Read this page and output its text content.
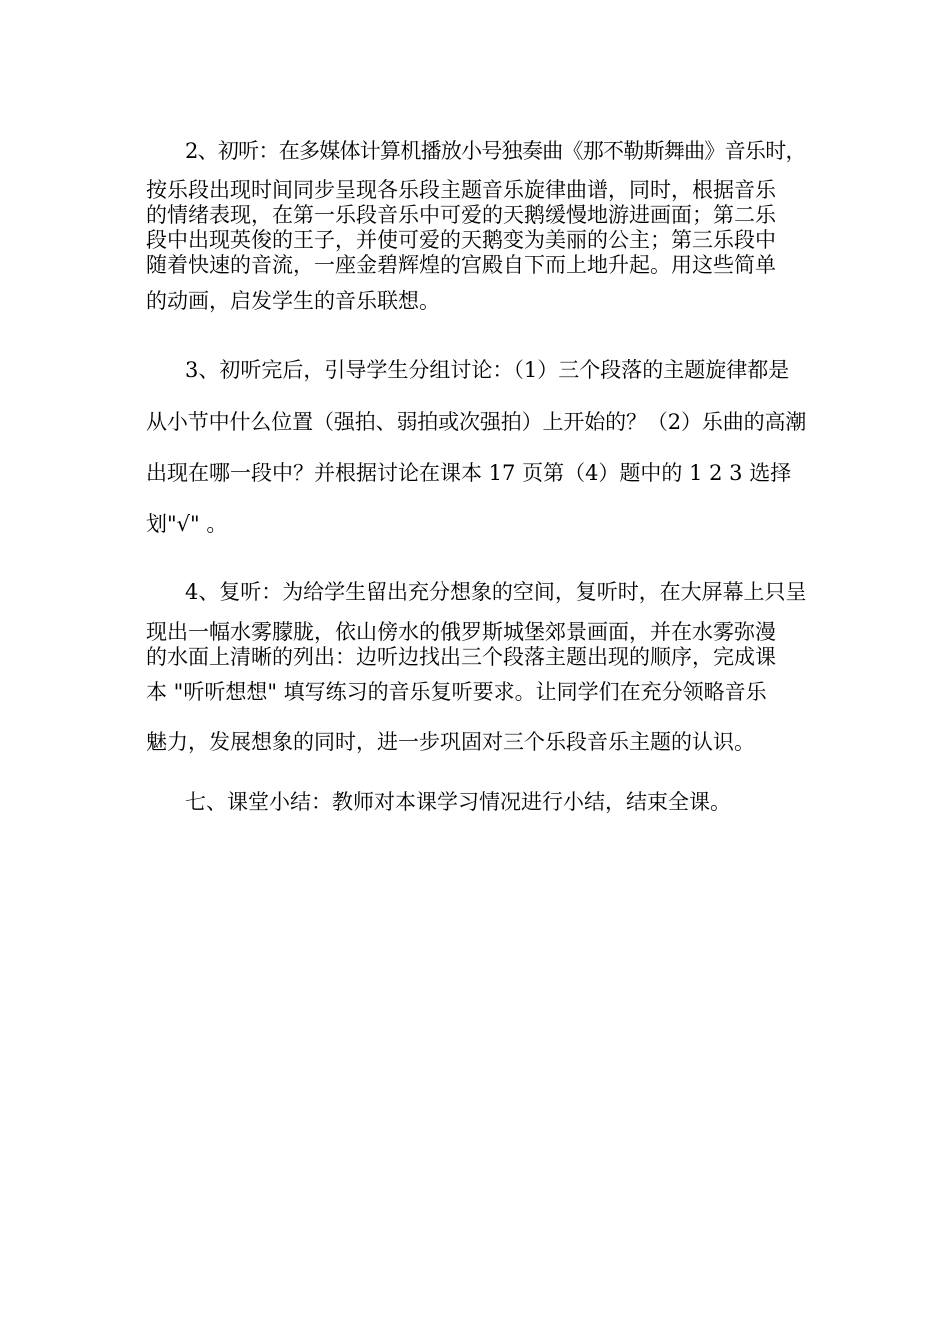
2、初听：在多媒体计算机播放小号独奏曲《那不勒斯舞曲》音乐时，
按乐段出现时间同步呈现各乐段主题音乐旋律曲谱，同时，根据音乐
的情绪表现，在第一乐段音乐中可爱的天鹅缓慢地游进画面；第二乐
段中出现英俊的王子，并使可爱的天鹅变为美丽的公主；第三乐段中
随着快速的音流，一座金碧辉煌的宫殿自下而上地升起。用这些简单
的动画，启发学生的音乐联想。
3、初听完后，引导学生分组讨论：（1）三个段落的主题旋律都是
从小节中什么位置（强拍、弱拍或次强拍）上开始的？（2）乐曲的高潮
出现在哪一段中？并根据讨论在课本 17 页第（4）题中的 1 2 3 选择
划"√" 。
4、复听：为给学生留出充分想象的空间，复听时，在大屏幕上只呈
现出一幅水雾朦胧，依山傍水的俄罗斯城堡郊景画面，并在水雾弥漫
的水面上清晰的列出：边听边找出三个段落主题出现的顺序，完成课
本 "听听想想" 填写练习的音乐复听要求。让同学们在充分领略音乐
魅力，发展想象的同时，进一步巩固对三个乐段音乐主题的认识。
七、课堂小结：教师对本课学习情况进行小结，结束全课。
